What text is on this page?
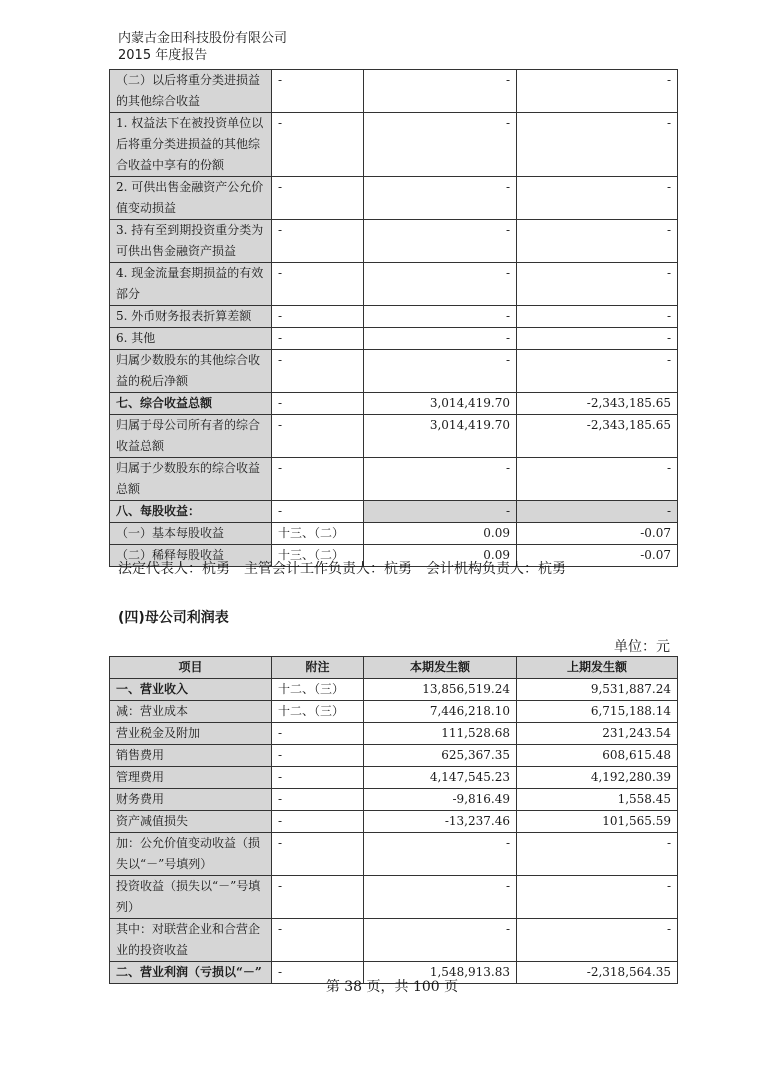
内蒙古金田科技股份有限公司
2015 年度报告
（二）以后将重分类进损益的其他综合收益	-	-	-
1. 权益法下在被投资单位以后将重分类进损益的其他综合收益中享有的份额	-	-	-
2. 可供出售金融资产公允价值变动损益	-	-	-
3. 持有至到期投资重分类为可供出售金融资产损益	-	-	-
4. 现金流量套期损益的有效部分	-	-	-
5. 外币财务报表折算差额	-	-	-
6. 其他	-	-	-
归属少数股东的其他综合收益的税后净额	-	-	-
七、综合收益总额	-	3,014,419.70	-2,343,185.65
归属于母公司所有者的综合收益总额	-	3,014,419.70	-2,343,185.65
归属于少数股东的综合收益总额	-	-	-
八、每股收益：	-	-	-
（一）基本每股收益	十三、（二）	0.09	-0.07
（二）稀释每股收益	十三、（二）	0.09	-0.07
法定代表人：杭勇　主管会计工作负责人：杭勇　会计机构负责人：杭勇
(四)母公司利润表
单位：元
项目	附注	本期发生额	上期发生额
一、营业收入	十二、（三）	13,856,519.24	9,531,887.24
减：营业成本	十二、（三）	7,446,218.10	6,715,188.14
营业税金及附加	-	111,528.68	231,243.54
销售费用	-	625,367.35	608,615.48
管理费用	-	4,147,545.23	4,192,280.39
财务费用	-	-9,816.49	1,558.45
资产减值损失	-	-13,237.46	101,565.59
加：公允价值变动收益（损失以“－”号填列）	-	-	-
投资收益（损失以“－”号填列）	-	-	-
其中：对联营企业和合营企业的投资收益	-	-	-
二、营业利润（亏损以“－”	-	1,548,913.83	-2,318,564.35
第 38 页，共 100 页
